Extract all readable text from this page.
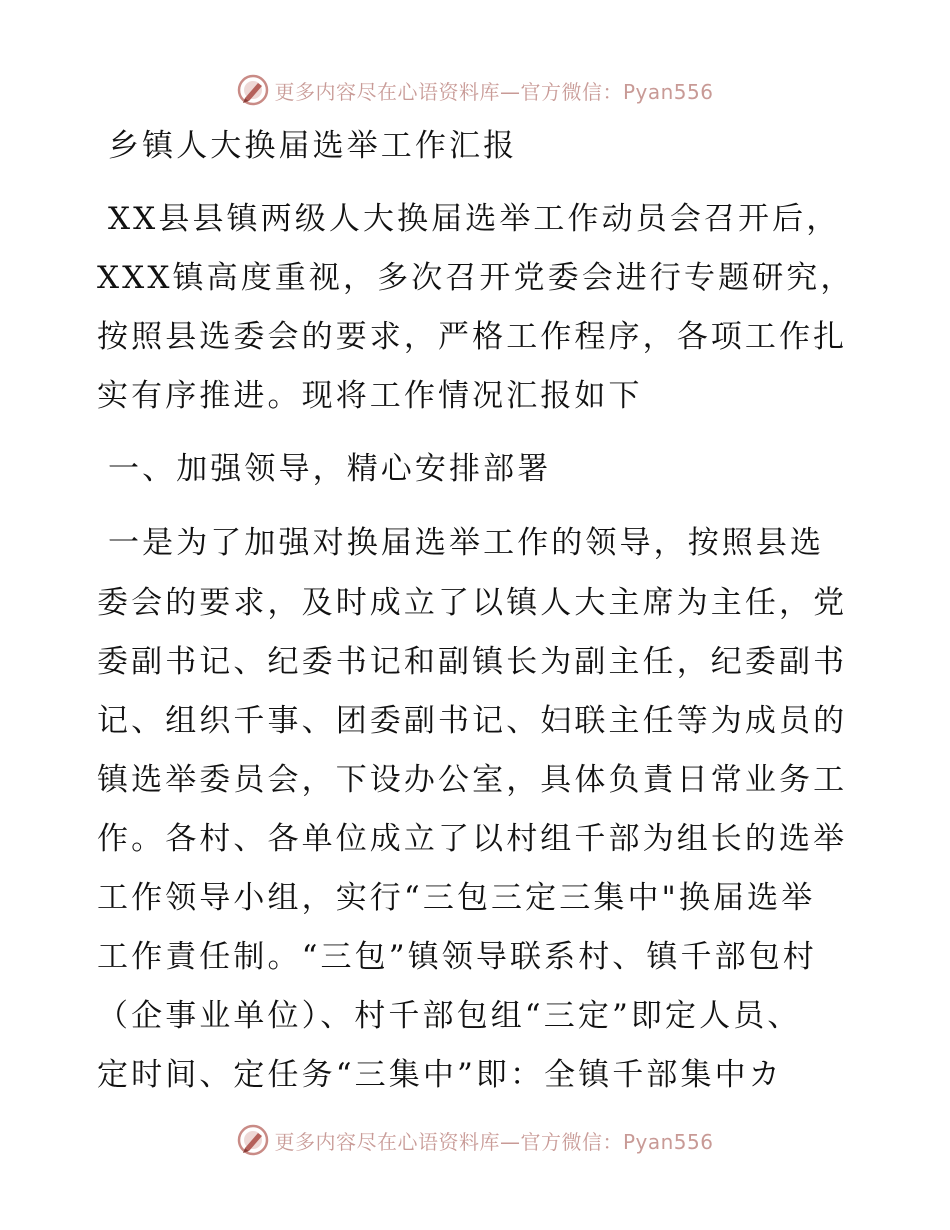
更多内容尽在心语资料库—官方微信：Pyan556
乡镇人大换届选举工作汇报
XX县县镇两级人大换届选举工作动员会召开后，
XXX镇高度重视，多次召开党委会进行专题研究，
按照县选委会的要求，严格工作程序，各项工作扎
实有序推进。现将工作情况汇报如下
一、加强领导，精心安排部署
一是为了加强对换届选举工作的领导，按照县选
委会的要求，及时成立了以镇人大主席为主任，党
委副书记、纪委书记和副镇长为副主任，纪委副书
记、组织千事、团委副书记、妇联主任等为成员的
镇选举委员会，下设办公室，具体负責日常业务工
作。各村、各单位成立了以村组千部为组长的选举
工作领导小组，实行“三包三定三集中"换届选举
工作責任制。“三包”镇领导联系村、镇千部包村
（企事业单位）、村千部包组“三定”即定人员、
定时间、定任务“三集中”即：全镇千部集中カ
更多内容尽在心语资料库—官方微信：Pyan556
